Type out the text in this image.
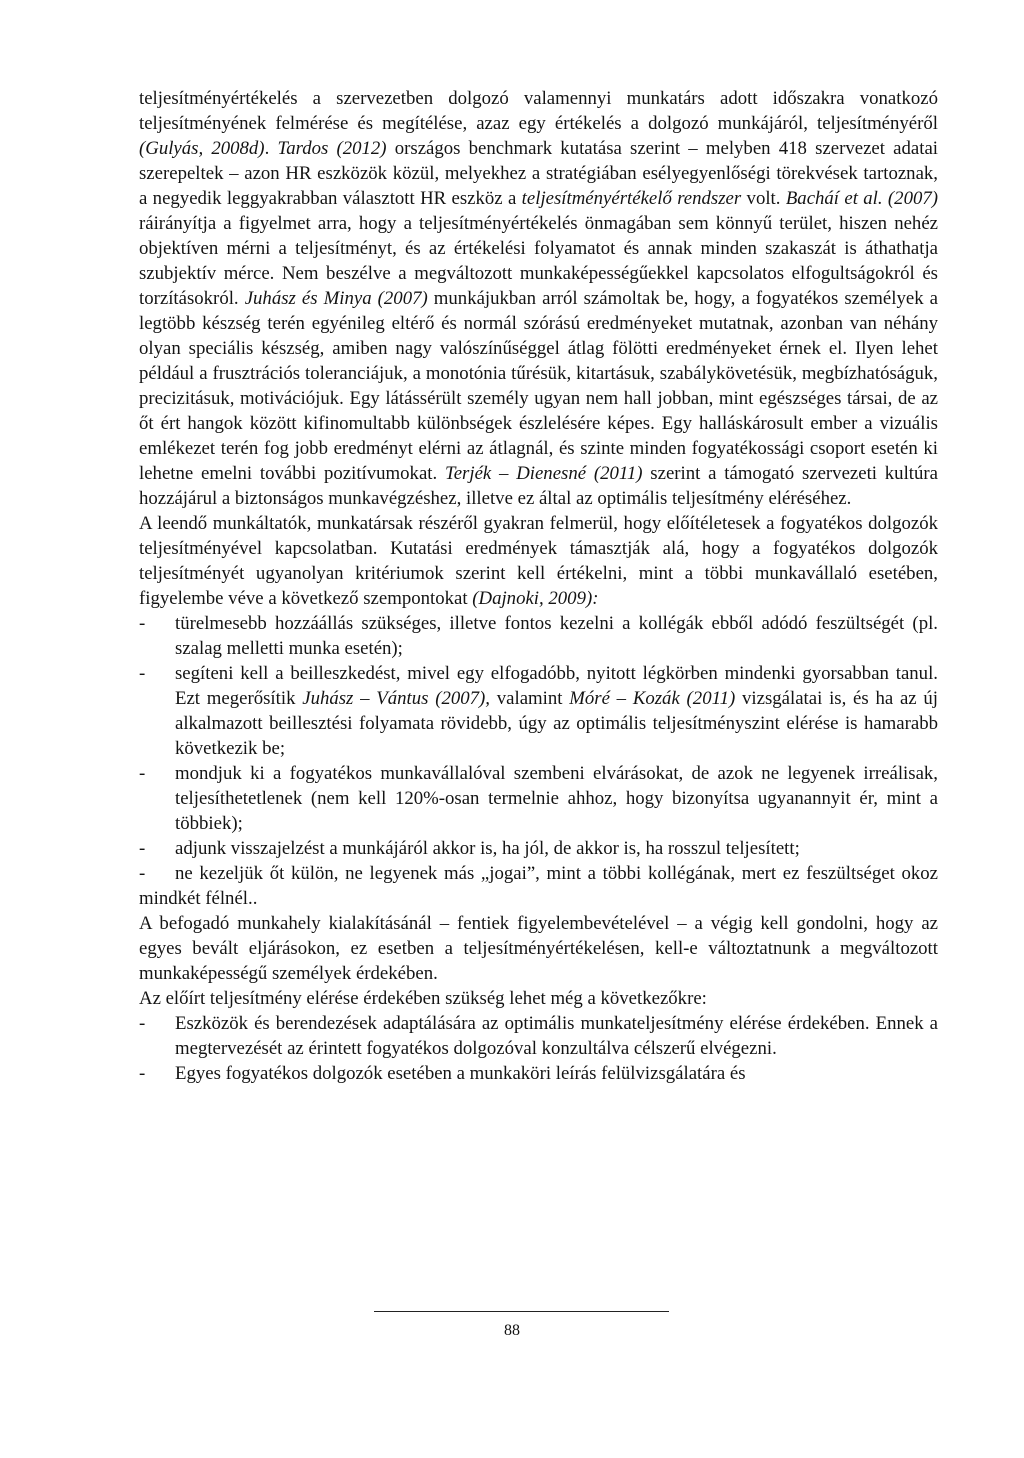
teljesítményértékelés a szervezetben dolgozó valamennyi munkatárs adott időszakra vonatkozó teljesítményének felmérése és megítélése, azaz egy értékelés a dolgozó munkájáról, teljesítményéről (Gulyás, 2008d). Tardos (2012) országos benchmark kutatása szerint – melyben 418 szervezet adatai szerepeltek – azon HR eszközök közül, melyekhez a stratégiában esélyegyenlőségi törekvések tartoznak, a negyedik leggyakrabban választott HR eszköz a teljesítményértékelő rendszer volt. Bacháí et al. (2007) ráirányítja a figyelmet arra, hogy a teljesítményértékelés önmagában sem könnyű terület, hiszen nehéz objektíven mérni a teljesítményt, és az értékelési folyamatot és annak minden szakaszát is áthathatja szubjektív mérce. Nem beszélve a megváltozott munkaképességűekkel kapcsolatos elfogultságokról és torzításokról. Juhász és Minya (2007) munkájukban arról számoltak be, hogy, a fogyatékos személyek a legtöbb készség terén egyénileg eltérő és normál szórású eredményeket mutatnak, azonban van néhány olyan speciális készség, amiben nagy valószínűséggel átlag fölötti eredményeket érnek el. Ilyen lehet például a frusztrációs toleranciájuk, a monotónia tűrésük, kitartásuk, szabálykövetésük, megbízhatóságuk, precizitásuk, motivációjuk. Egy látássérült személy ugyan nem hall jobban, mint egészséges társai, de az őt ért hangok között kifinomultabb különbségek észlelésére képes. Egy halláskárosult ember a vizuális emlékezet terén fog jobb eredményt elérni az átlagnál, és szinte minden fogyatékossági csoport esetén ki lehetne emelni további pozitívumokat. Terjék – Dienesné (2011) szerint a támogató szervezeti kultúra hozzájárul a biztonságos munkavégzéshez, illetve ez által az optimális teljesítmény eléréséhez.

A leendő munkáltatók, munkatársak részéről gyakran felmerül, hogy előítéletesek a fogyatékos dolgozók teljesítményével kapcsolatban. Kutatási eredmények támasztják alá, hogy a fogyatékos dolgozók teljesítményét ugyanolyan kritériumok szerint kell értékelni, mint a többi munkavállaló esetében, figyelembe véve a következő szempontokat (Dajnoki, 2009):

- türelmesebb hozzáállás szükséges, illetve fontos kezelni a kollégák ebből adódó feszültségét (pl. szalag melletti munka esetén);
- segíteni kell a beilleszkedést, mivel egy elfogadóbb, nyitott légkörben mindenki gyorsabban tanul. Ezt megerősítik Juhász – Vántus (2007), valamint Móré – Kozák (2011) vizsgálatai is, és ha az új alkalmazott beillesztési folyamata rövidebb, úgy az optimális teljesítményszint elérése is hamarabb következik be;
- mondjuk ki a fogyatékos munkavállalóval szembeni elvárásokat, de azok ne legyenek irreálisak, teljesíthetetlenek (nem kell 120%-osan termelnie ahhoz, hogy bizonyítsa ugyanannyit ér, mint a többiek);
- adjunk visszajelzést a munkájáról akkor is, ha jól, de akkor is, ha rosszul teljesített;
- ne kezeljük őt külön, ne legyenek más „jogai”, mint a többi kollégának, mert ez feszültséget okoz mindkét félnél..

A befogadó munkahely kialakításánál – fentiek figyelembevételével – a végig kell gondolni, hogy az egyes bevált eljárásokon, ez esetben a teljesítményértékelésen, kell-e változtatnunk a megváltozott munkaképességű személyek érdekében.

Az előírt teljesítmény elérése érdekében szükség lehet még a következőkre:

- Eszközök és berendezések adaptálására az optimális munkateljesítmény elérése érdekében. Ennek a megtervezését az érintett fogyatékos dolgozóval konzultálva célszerű elvégezni.
- Egyes fogyatékos dolgozók esetében a munkaköri leírás felülvizsgálatára és
88
